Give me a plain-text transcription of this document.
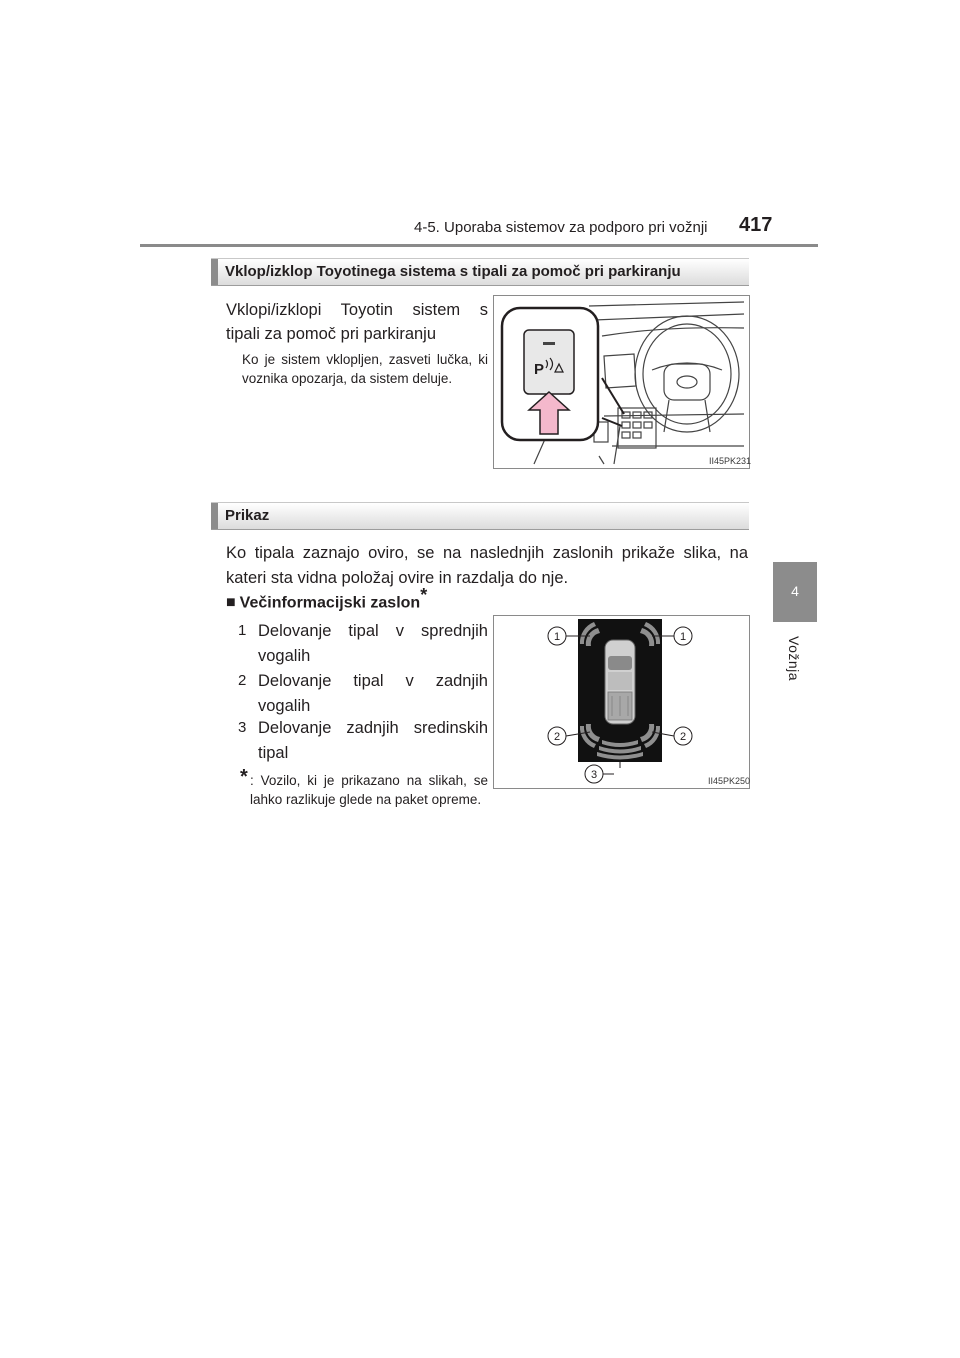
4-5. Uporaba sistemov za podporo pri vožnji 417
4
Vožnja
Vklop/izklop Toyotinega sistema s tipali za pomoč pri parkiranju
Vklopi/izklopi Toyotin sistem s
tipali za pomoč pri parkiranju
Ko je sistem vklopljen, zasveti lučka, ki voznika opozarja, da sistem deluje.
P
II45PK231
Prikaz
Ko tipala zaznajo oviro, se na naslednjih zaslonih prikaže slika, na kateri sta vidna položaj ovire in razdalja do nje.
■ Večinformacijski zaslon*
1 Delovanje tipal v sprednjih vogalih
2 Delovanje tipal v zadnjih vogalih
3 Delovanje zadnjih sredinskih tipal
* : Vozilo, ki je prikazano na slikah, se lahko razlikuje glede na paket opreme.
1	1
2	2
3	II45PK250
